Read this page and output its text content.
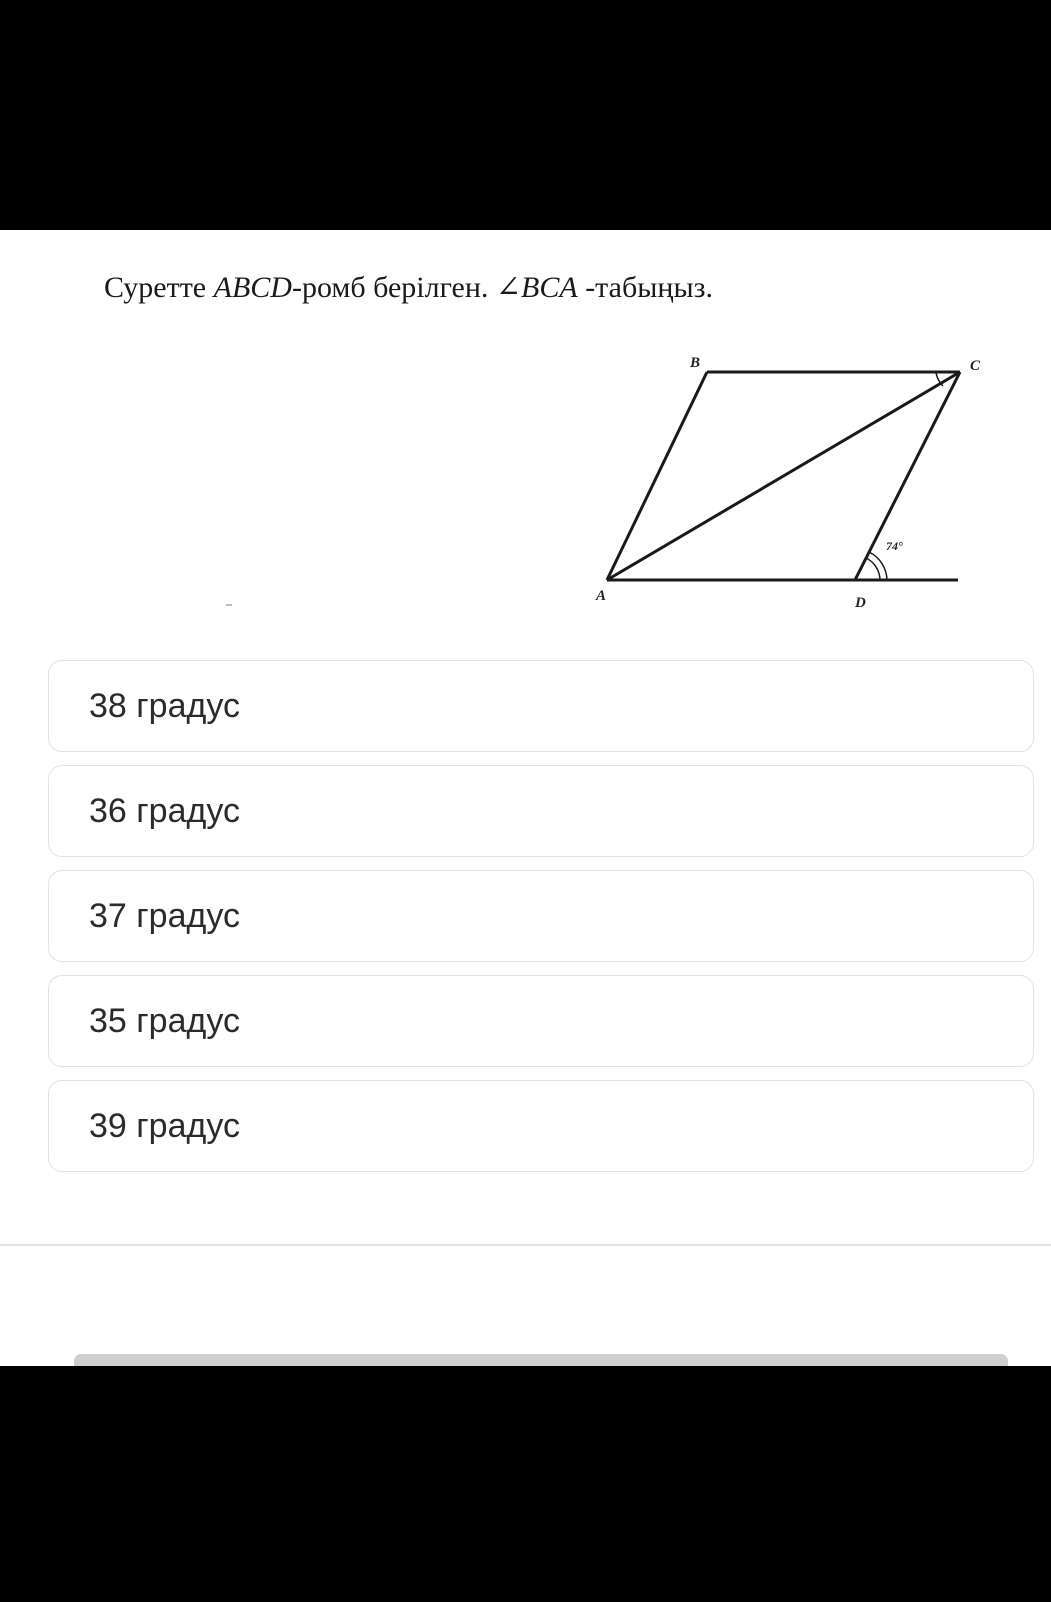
Суретте ABCD-ромб берілген. ∠BCA -табыңыз.
B	C
A	D
74°
38 градус
36 градус
37 градус
35 градус
39 градус
